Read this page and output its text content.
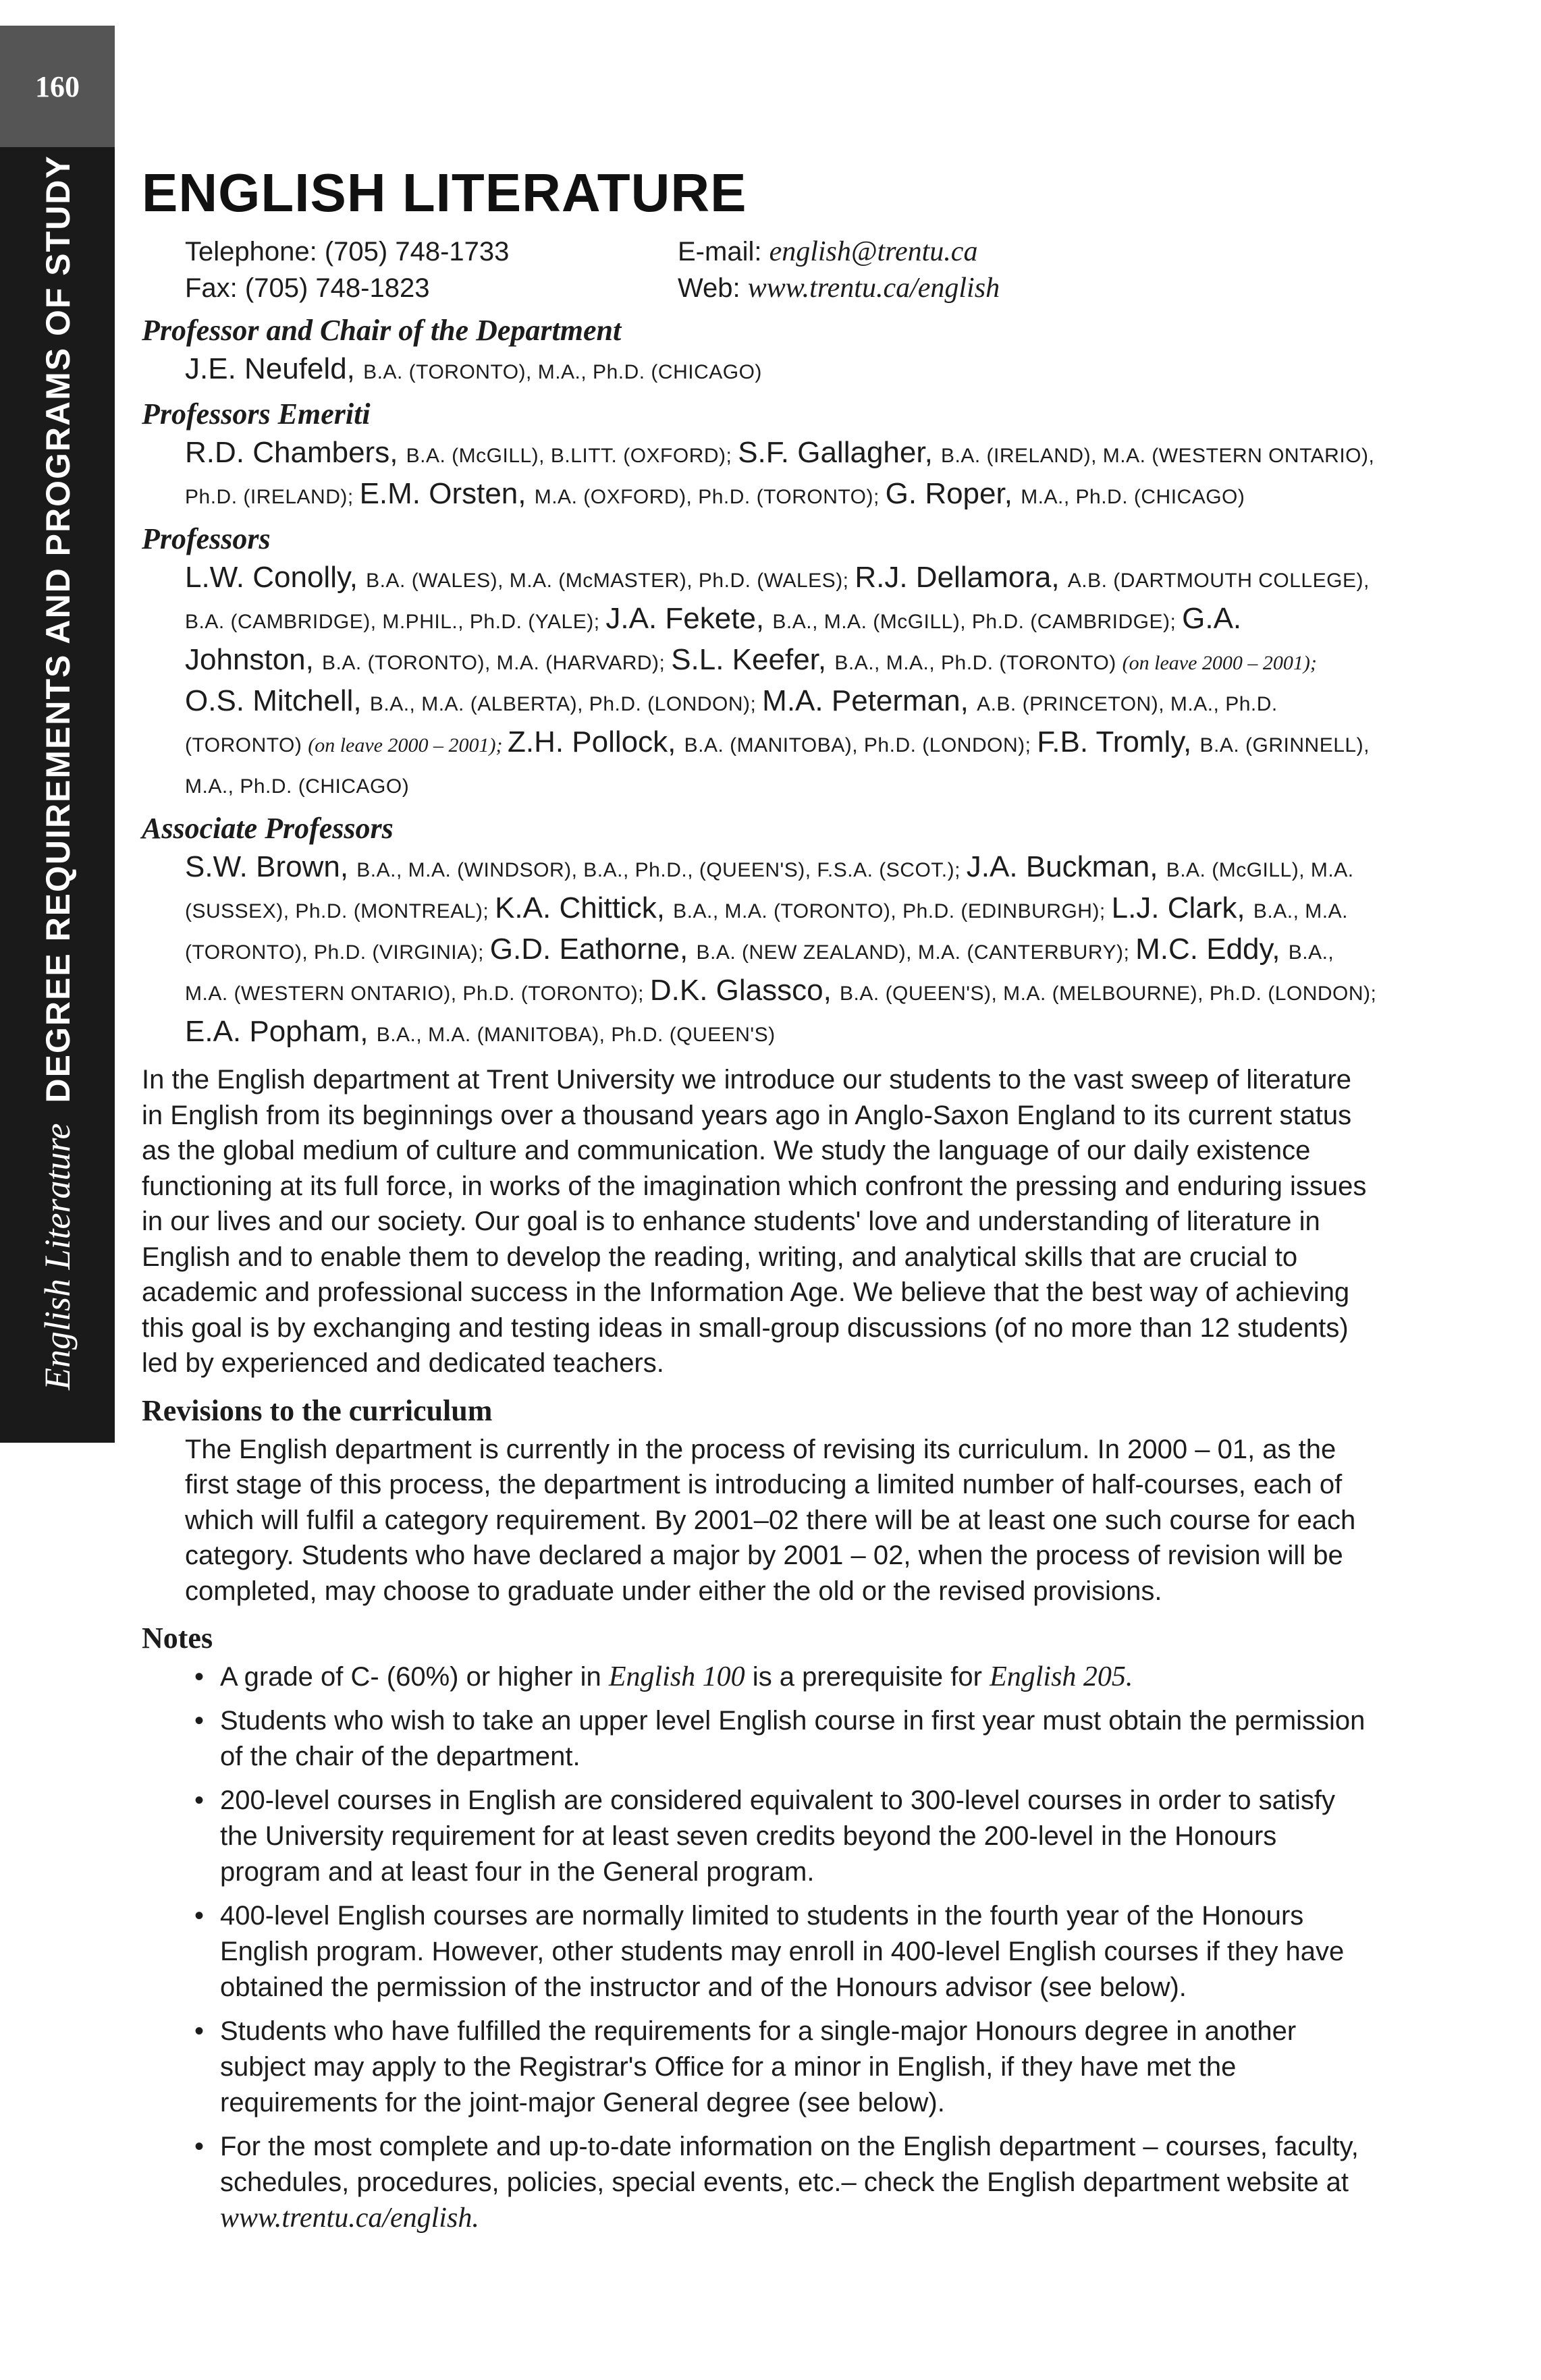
160
English LiteratureDEGREE REQUIREMENTS AND PROGRAMS OF STUDY ENGLISH LITERATURE
Telephone: (705) 748-1733
Fax: (705) 748-1823
E-mail: english@trentu.ca
Web: www.trentu.ca/english
Professor and Chair of the Department
J.E. Neufeld, B.A. (TORONTO), M.A., Ph.D. (CHICAGO)
Professors Emeriti
R.D. Chambers, B.A. (McGILL), B.LITT. (OXFORD); S.F. Gallagher, B.A. (IRELAND), M.A. (WESTERN ONTARIO), Ph.D. (IRELAND); E.M. Orsten, M.A. (OXFORD), Ph.D. (TORONTO); G. Roper, M.A., Ph.D. (CHICAGO)
Professors
L.W. Conolly, B.A. (WALES), M.A. (McMASTER), Ph.D. (WALES); R.J. Dellamora, A.B. (DARTMOUTH COLLEGE), B.A. (CAMBRIDGE), M.PHIL., Ph.D. (YALE); J.A. Fekete, B.A., M.A. (McGILL), Ph.D. (CAMBRIDGE); G.A. Johnston, B.A. (TORONTO), M.A. (HARVARD); S.L. Keefer, B.A., M.A., Ph.D. (TORONTO) (on leave 2000 – 2001); O.S. Mitchell, B.A., M.A. (ALBERTA), Ph.D. (LONDON); M.A. Peterman, A.B. (PRINCETON), M.A., Ph.D. (TORONTO) (on leave 2000 – 2001); Z.H. Pollock, B.A. (MANITOBA), Ph.D. (LONDON); F.B. Tromly, B.A. (GRINNELL), M.A., Ph.D. (CHICAGO)
Associate Professors
S.W. Brown, B.A., M.A. (WINDSOR), B.A., Ph.D., (QUEEN'S), F.S.A. (SCOT.); J.A. Buckman, B.A. (McGILL), M.A. (SUSSEX), Ph.D. (MONTREAL); K.A. Chittick, B.A., M.A. (TORONTO), Ph.D. (EDINBURGH); L.J. Clark, B.A., M.A. (TORONTO), Ph.D. (VIRGINIA); G.D. Eathorne, B.A. (NEW ZEALAND), M.A. (CANTERBURY); M.C. Eddy, B.A., M.A. (WESTERN ONTARIO), Ph.D. (TORONTO); D.K. Glassco, B.A. (QUEEN'S), M.A. (MELBOURNE), Ph.D. (LONDON); E.A. Popham, B.A., M.A. (MANITOBA), Ph.D. (QUEEN'S)
In the English department at Trent University we introduce our students to the vast sweep of literature in English from its beginnings over a thousand years ago in Anglo-Saxon England to its current status as the global medium of culture and communication. We study the language of our daily existence functioning at its full force, in works of the imagination which confront the pressing and enduring issues in our lives and our society. Our goal is to enhance students' love and understanding of literature in English and to enable them to develop the reading, writing, and analytical skills that are crucial to academic and professional success in the Information Age. We believe that the best way of achieving this goal is by exchanging and testing ideas in small-group discussions (of no more than 12 students) led by experienced and dedicated teachers.
Revisions to the curriculum
The English department is currently in the process of revising its curriculum. In 2000 – 01, as the first stage of this process, the department is introducing a limited number of half-courses, each of which will fulfil a category requirement. By 2001–02 there will be at least one such course for each category. Students who have declared a major by 2001 – 02, when the process of revision will be completed, may choose to graduate under either the old or the revised provisions.
Notes
• A grade of C- (60%) or higher in English 100 is a prerequisite for English 205.
• Students who wish to take an upper level English course in first year must obtain the permission of the chair of the department.
• 200-level courses in English are considered equivalent to 300-level courses in order to satisfy the University requirement for at least seven credits beyond the 200-level in the Honours program and at least four in the General program.
• 400-level English courses are normally limited to students in the fourth year of the Honours English program. However, other students may enroll in 400-level English courses if they have obtained the permission of the instructor and of the Honours advisor (see below).
• Students who have fulfilled the requirements for a single-major Honours degree in another subject may apply to the Registrar's Office for a minor in English, if they have met the requirements for the joint-major General degree (see below).
• For the most complete and up-to-date information on the English department – courses, faculty, schedules, procedures, policies, special events, etc.– check the English department website at www.trentu.ca/english.
